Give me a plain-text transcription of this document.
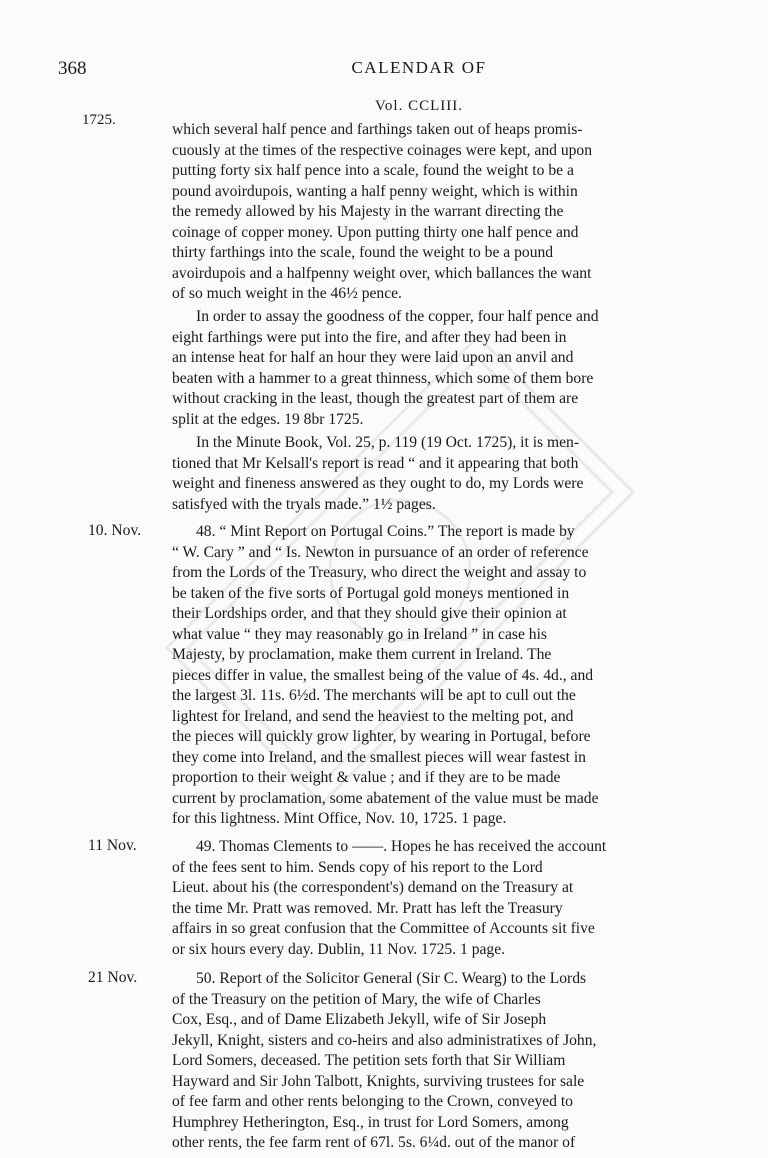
368	CALENDAR OF
Vol. CCLIII.
1725.
which several half pence and farthings taken out of heaps promis-
cuously at the times of the respective coinages were kept, and upon
putting forty six half pence into a scale, found the weight to be a
pound avoirdupois, wanting a half penny weight, which is within
the remedy allowed by his Majesty in the warrant directing the
coinage of copper money. Upon putting thirty one half pence and
thirty farthings into the scale, found the weight to be a pound
avoirdupois and a halfpenny weight over, which ballances the want
of so much weight in the 46½ pence.
In order to assay the goodness of the copper, four half pence and
eight farthings were put into the fire, and after they had been in
an intense heat for half an hour they were laid upon an anvil and
beaten with a hammer to a great thinness, which some of them bore
without cracking in the least, though the greatest part of them are
split at the edges. 19 8br 1725.
In the Minute Book, Vol. 25, p. 119 (19 Oct. 1725), it is men-
tioned that Mr Kelsall's report is read “ and it appearing that both
weight and fineness answered as they ought to do, my Lords were
satisfyed with the tryals made.” 1½ pages.
10. Nov.	48. “ Mint Report on Portugal Coins.” The report is made by
“ W. Cary ” and “ Is. Newton in pursuance of an order of reference
from the Lords of the Treasury, who direct the weight and assay to
be taken of the five sorts of Portugal gold moneys mentioned in
their Lordships order, and that they should give their opinion at
what value “ they may reasonably go in Ireland ” in case his
Majesty, by proclamation, make them current in Ireland. The
pieces differ in value, the smallest being of the value of 4s. 4d., and
the largest 3l. 11s. 6½d. The merchants will be apt to cull out the
lightest for Ireland, and send the heaviest to the melting pot, and
the pieces will quickly grow lighter, by wearing in Portugal, before
they come into Ireland, and the smallest pieces will wear fastest in
proportion to their weight & value ; and if they are to be made
current by proclamation, some abatement of the value must be made
for this lightness. Mint Office, Nov. 10, 1725. 1 page.
11 Nov.	49. Thomas Clements to ——. Hopes he has received the account
of the fees sent to him. Sends copy of his report to the Lord
Lieut. about his (the correspondent's) demand on the Treasury at
the time Mr. Pratt was removed. Mr. Pratt has left the Treasury
affairs in so great confusion that the Committee of Accounts sit five
or six hours every day. Dublin, 11 Nov. 1725. 1 page.
21 Nov.	50. Report of the Solicitor General (Sir C. Wearg) to the Lords
of the Treasury on the petition of Mary, the wife of Charles
Cox, Esq., and of Dame Elizabeth Jekyll, wife of Sir Joseph
Jekyll, Knight, sisters and co-heirs and also administratixes of John,
Lord Somers, deceased. The petition sets forth that Sir William
Hayward and Sir John Talbott, Knights, surviving trustees for sale
of fee farm and other rents belonging to the Crown, conveyed to
Humphrey Hetherington, Esq., in trust for Lord Somers, among
other rents, the fee farm rent of 67l. 5s. 6¼d. out of the manor of
